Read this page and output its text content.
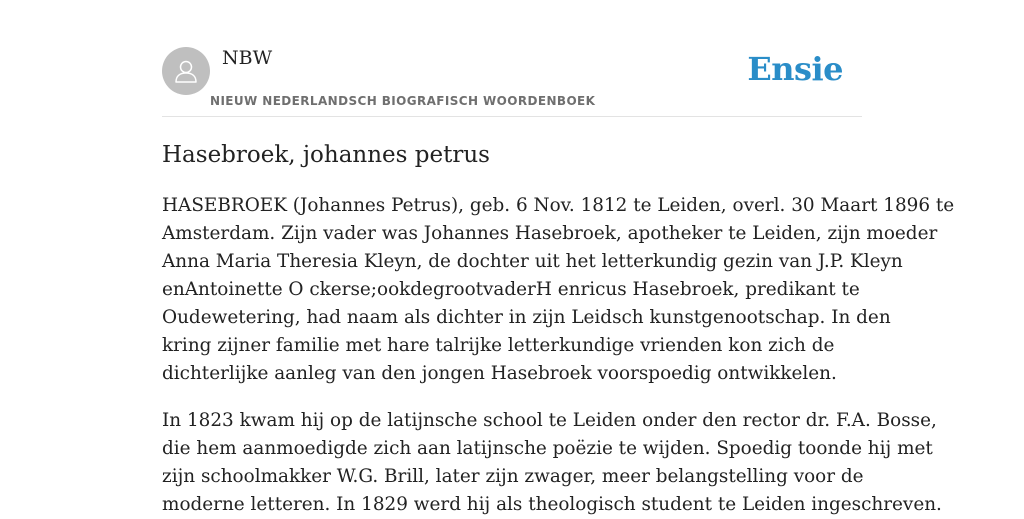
NBW
NIEUW NEDERLANDSCH BIOGRAFISCH WOORDENBOEK
Ensie
Hasebroek, johannes petrus

HASEBROEK (Johannes Petrus), geb. 6 Nov. 1812 te Leiden, overl. 30 Maart 1896 te
Amsterdam. Zijn vader was Johannes Hasebroek, apotheker te Leiden, zijn moeder
Anna Maria Theresia Kleyn, de dochter uit het letterkundig gezin van J.P. Kleyn
enAntoinette O ckerse;ookdegrootvaderH enricus Hasebroek, predikant te
Oudewetering, had naam als dichter in zijn Leidsch kunstgenootschap. In den
kring zijner familie met hare talrijke letterkundige vrienden kon zich de
dichterlijke aanleg van den jongen Hasebroek voorspoedig ontwikkelen.

In 1823 kwam hij op de latijnsche school te Leiden onder den rector dr. F.A. Bosse,
die hem aanmoedigde zich aan latijnsche poëzie te wijden. Spoedig toonde hij met
zijn schoolmakker W.G. Brill, later zijn zwager, meer belangstelling voor de
moderne letteren. In 1829 werd hij als theologisch student te Leiden ingeschreven.
